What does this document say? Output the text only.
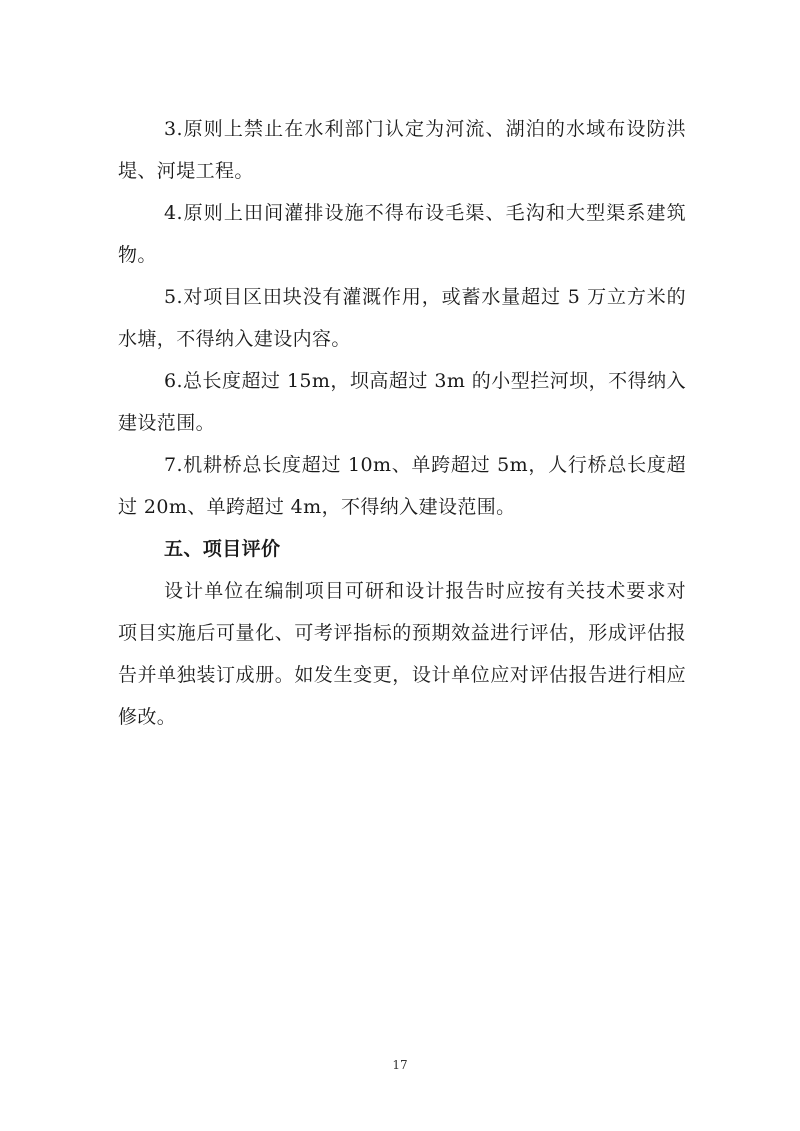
3.原则上禁止在水利部门认定为河流、湖泊的水域布设防洪堤、河堤工程。

4.原则上田间灌排设施不得布设毛渠、毛沟和大型渠系建筑物。

5.对项目区田块没有灌溉作用，或蓄水量超过 5 万立方米的水塘，不得纳入建设内容。

6.总长度超过 15m，坝高超过 3m 的小型拦河坝，不得纳入建设范围。

7.机耕桥总长度超过 10m、单跨超过 5m，人行桥总长度超过 20m、单跨超过 4m，不得纳入建设范围。

五、项目评价

设计单位在编制项目可研和设计报告时应按有关技术要求对项目实施后可量化、可考评指标的预期效益进行评估，形成评估报告并单独装订成册。如发生变更，设计单位应对评估报告进行相应修改。

17
